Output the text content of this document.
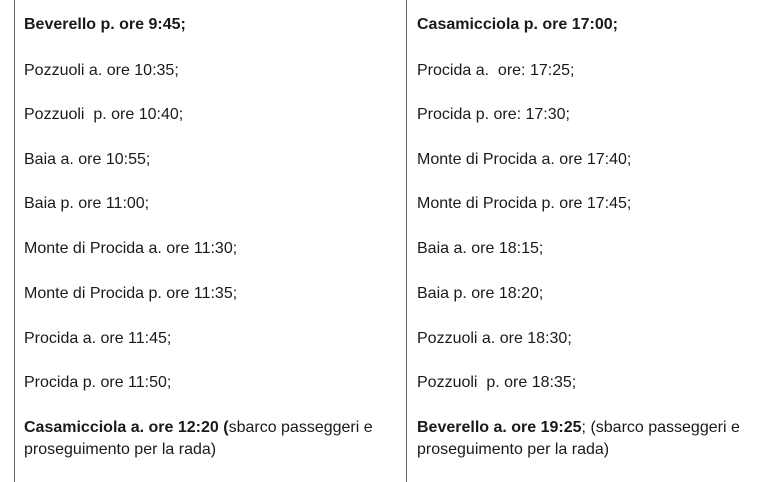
Beverello p. ore 9:45;
Pozzuoli a. ore 10:35;
Pozzuoli  p. ore 10:40;
Baia a. ore 10:55;
Baia p. ore 11:00;
Monte di Procida a. ore 11:30;
Monte di Procida p. ore 11:35;
Procida a. ore 11:45;
Procida p. ore 11:50;
Casamicciola a. ore 12:20 (sbarco passeggeri e proseguimento per la rada)
Casamicciola p. ore 17:00;
Procida a.  ore: 17:25;
Procida p. ore: 17:30;
Monte di Procida a. ore 17:40;
Monte di Procida p. ore 17:45;
Baia a. ore 18:15;
Baia p. ore 18:20;
Pozzuoli a. ore 18:30;
Pozzuoli  p. ore 18:35;
Beverello a. ore 19:25; (sbarco passeggeri e proseguimento per la rada)
